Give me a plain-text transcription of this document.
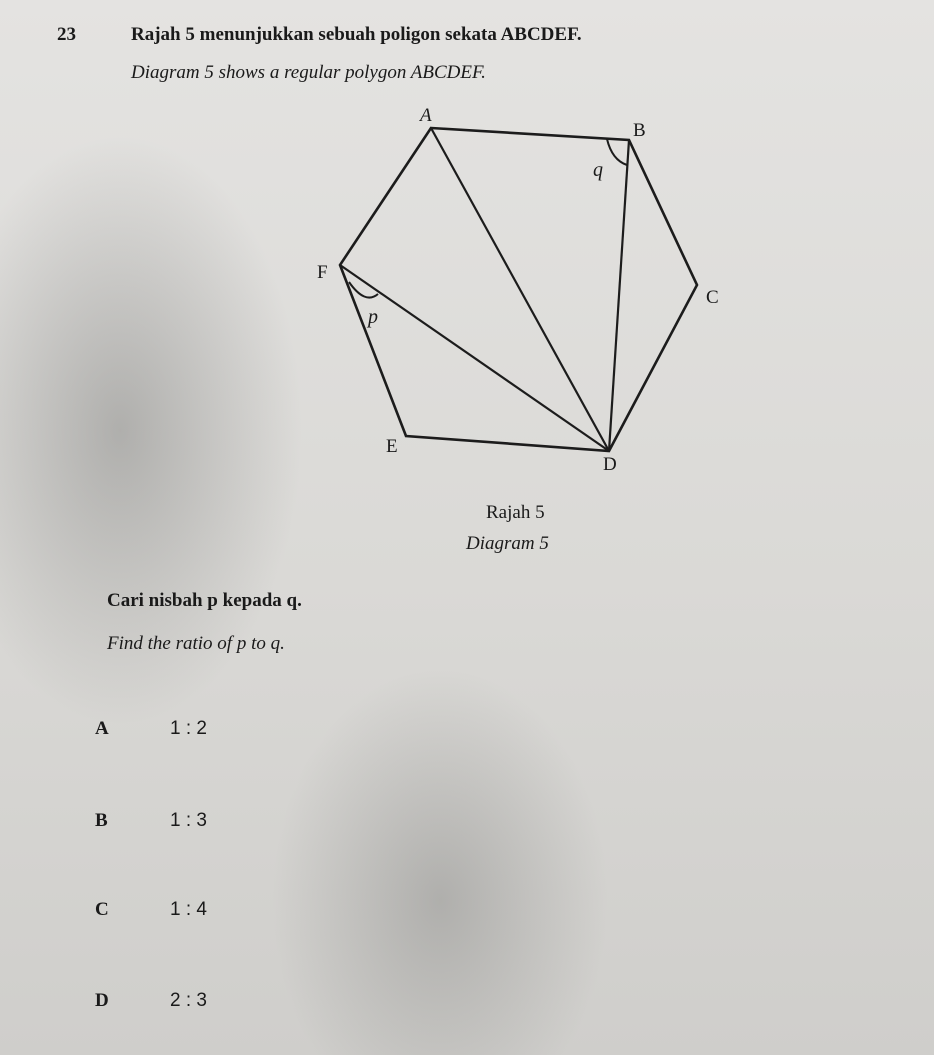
23	Rajah 5 menunjukkan sebuah poligon sekata ABCDEF.
Diagram 5 shows a regular polygon ABCDEF.
A
B
C
D
E
F
q
p
Rajah 5
Diagram 5
Cari nisbah p kepada q.
Find the ratio of p to q.
A	1 : 2
B	1 : 3
C	1 : 4
D	2 : 3
